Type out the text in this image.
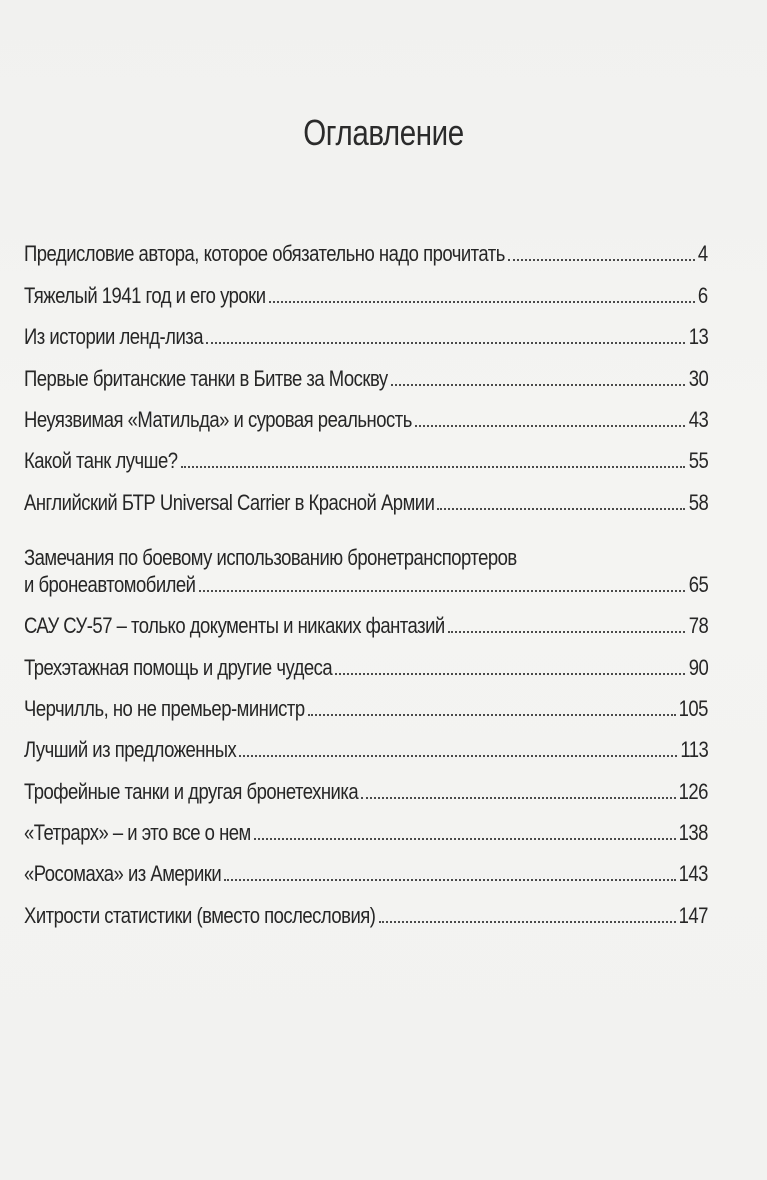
Оглавление
Предисловие автора, которое обязательно надо прочитать	4
Тяжелый 1941 год и его уроки	6
Из истории ленд-лиза	13
Первые британские танки в Битве за Москву	30
Неуязвимая «Матильда» и суровая реальность	43
Какой танк лучше?	55
Английский БТР Universal Carrier в Красной Армии	58
Замечания по боевому использованию бронетранспортеров
и бронеавтомобилей	65
САУ СУ-57 – только документы и никаких фантазий	78
Трехэтажная помощь и другие чудеса	90
Черчилль, но не премьер-министр	105
Лучший из предложенных	113
Трофейные танки и другая бронетехника	126
«Тетрарх» – и это все о нем	138
«Росомаха» из Америки	143
Хитрости статистики (вместо послесловия)	147
